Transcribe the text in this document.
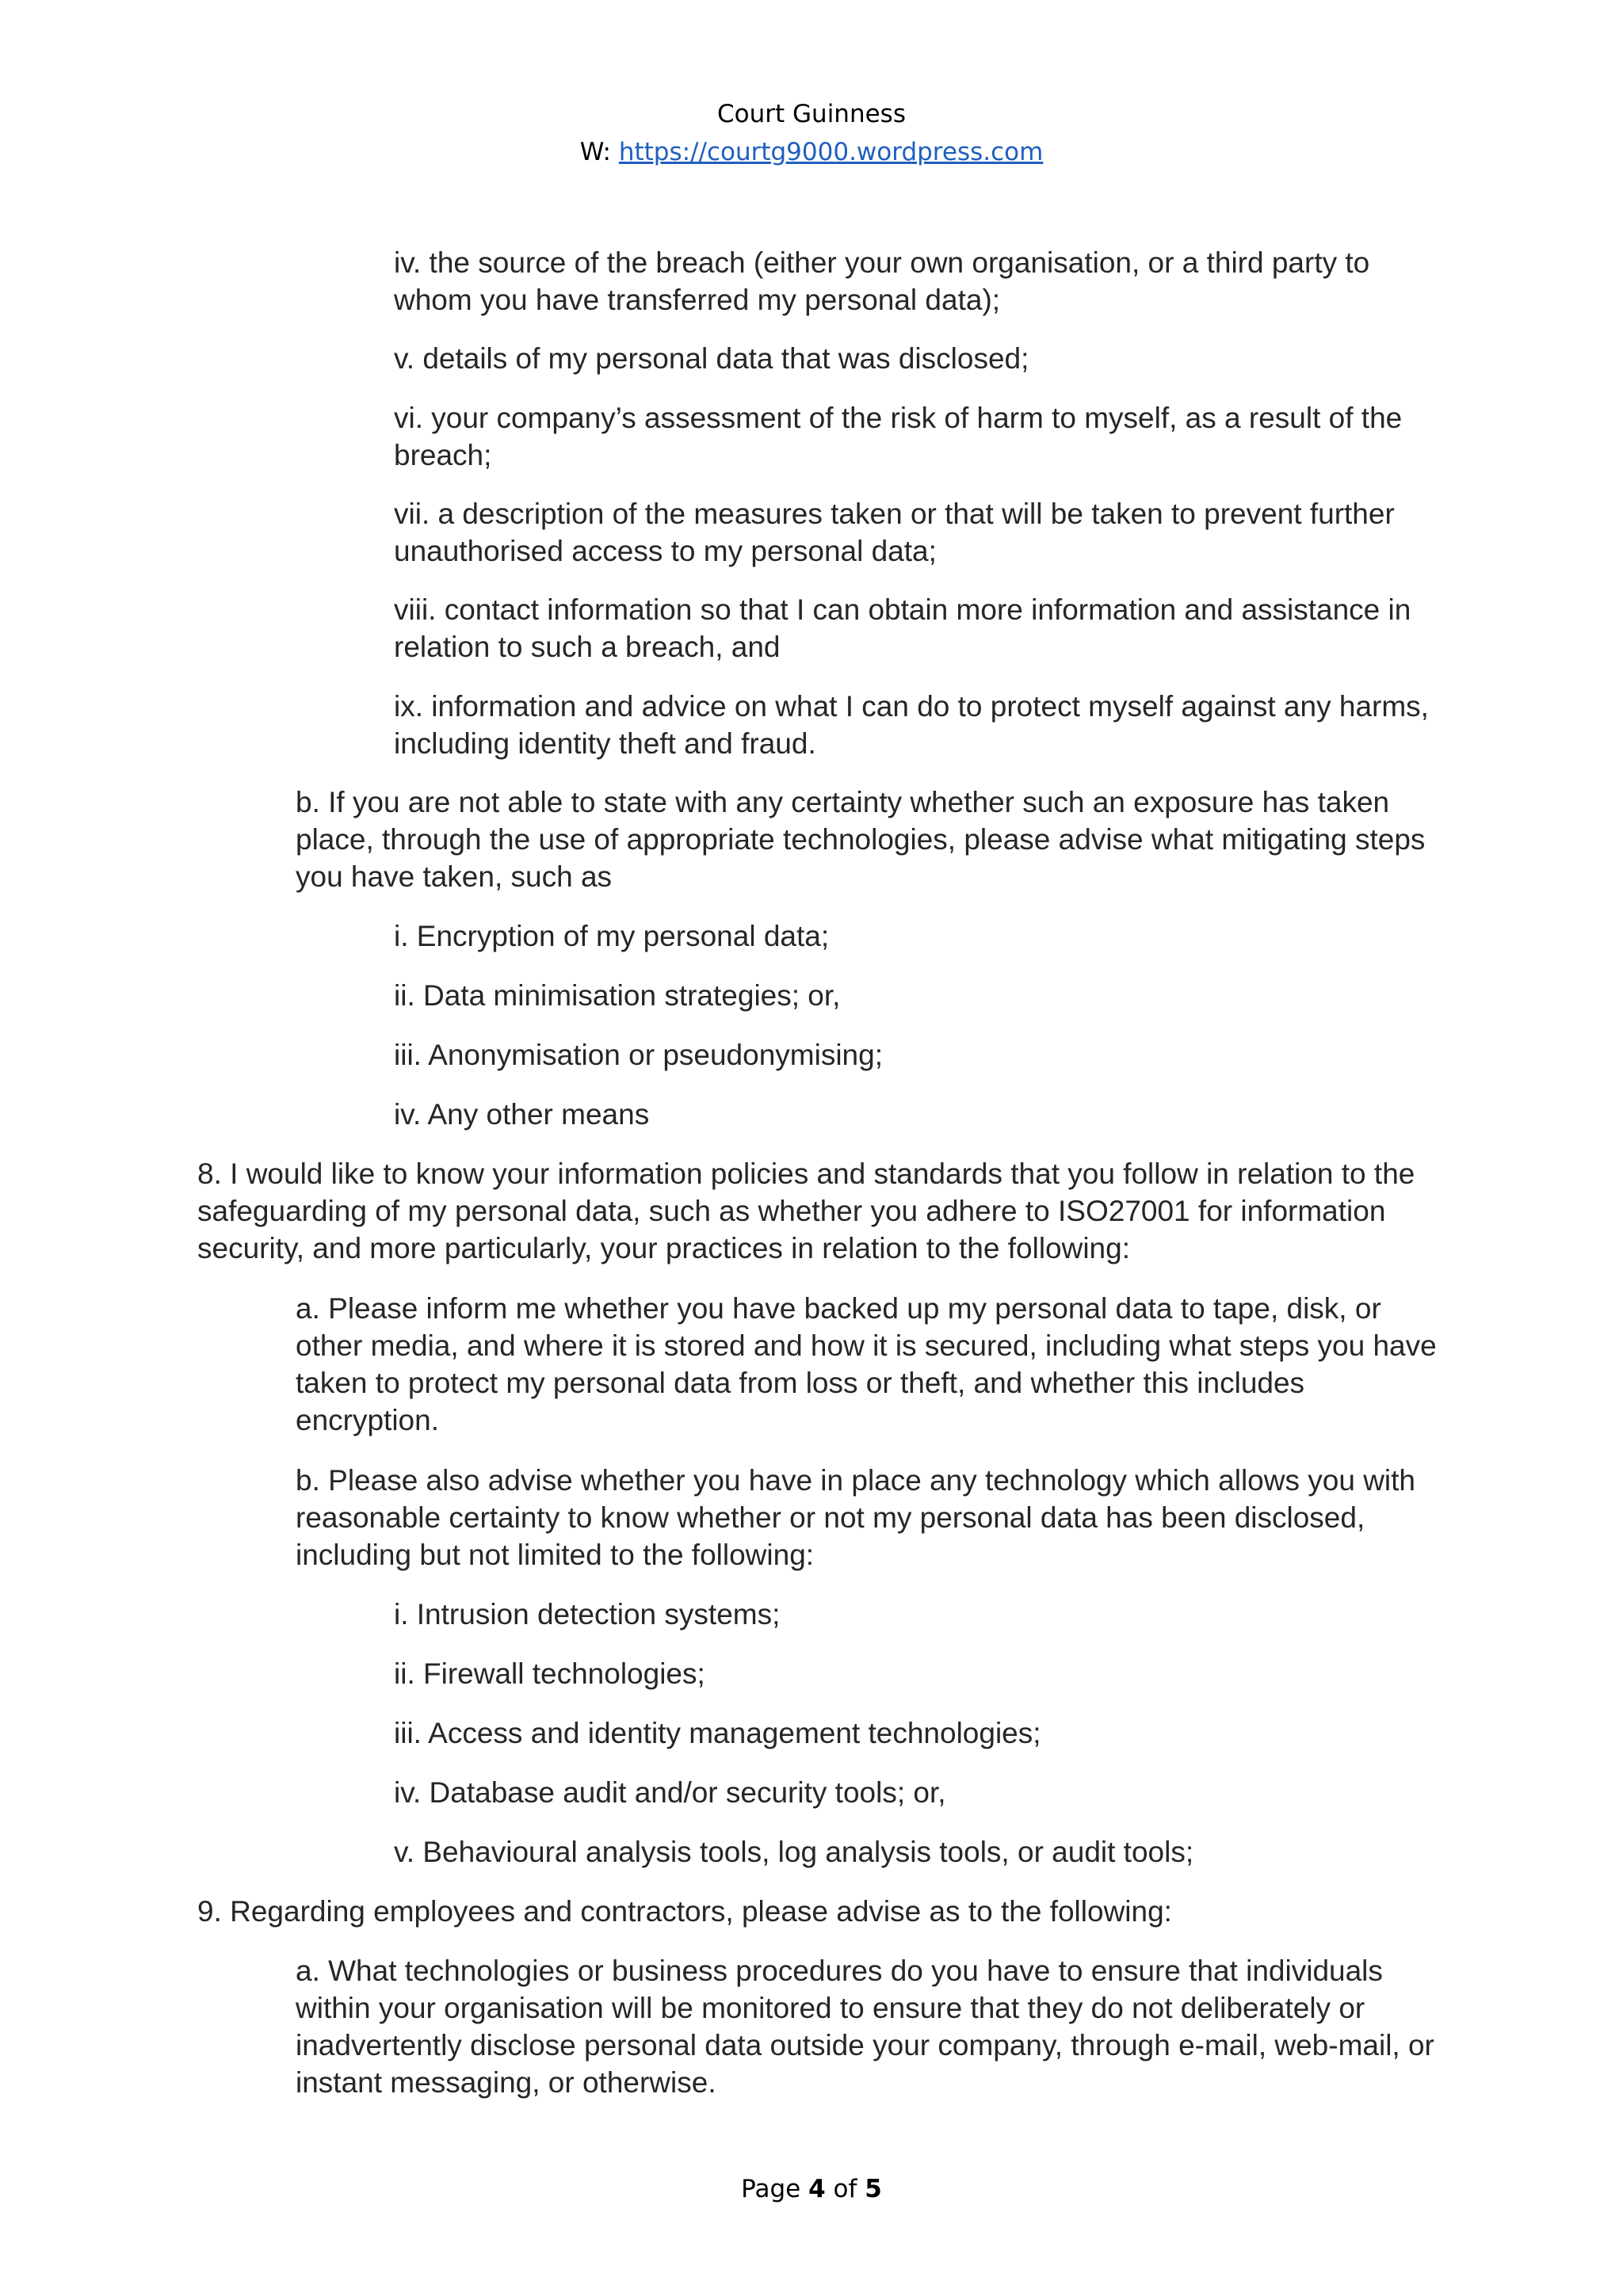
Court Guinness
W: https://courtg9000.wordpress.com

iv. the source of the breach (either your own organisation, or a third party to whom you have transferred my personal data);

v. details of my personal data that was disclosed;

vi. your company’s assessment of the risk of harm to myself, as a result of the breach;

vii. a description of the measures taken or that will be taken to prevent further unauthorised access to my personal data;

viii. contact information so that I can obtain more information and assistance in relation to such a breach, and

ix. information and advice on what I can do to protect myself against any harms, including identity theft and fraud.

b. If you are not able to state with any certainty whether such an exposure has taken place, through the use of appropriate technologies, please advise what mitigating steps you have taken, such as

i. Encryption of my personal data;

ii. Data minimisation strategies; or,

iii. Anonymisation or pseudonymising;

iv. Any other means

8. I would like to know your information policies and standards that you follow in relation to the safeguarding of my personal data, such as whether you adhere to ISO27001 for information security, and more particularly, your practices in relation to the following:

a. Please inform me whether you have backed up my personal data to tape, disk, or other media, and where it is stored and how it is secured, including what steps you have taken to protect my personal data from loss or theft, and whether this includes encryption.

b. Please also advise whether you have in place any technology which allows you with reasonable certainty to know whether or not my personal data has been disclosed, including but not limited to the following:

i. Intrusion detection systems;

ii. Firewall technologies;

iii. Access and identity management technologies;

iv. Database audit and/or security tools; or,

v. Behavioural analysis tools, log analysis tools, or audit tools;

9. Regarding employees and contractors, please advise as to the following:

a. What technologies or business procedures do you have to ensure that individuals within your organisation will be monitored to ensure that they do not deliberately or inadvertently disclose personal data outside your company, through e-mail, web-mail, or instant messaging, or otherwise.

Page 4 of 5
